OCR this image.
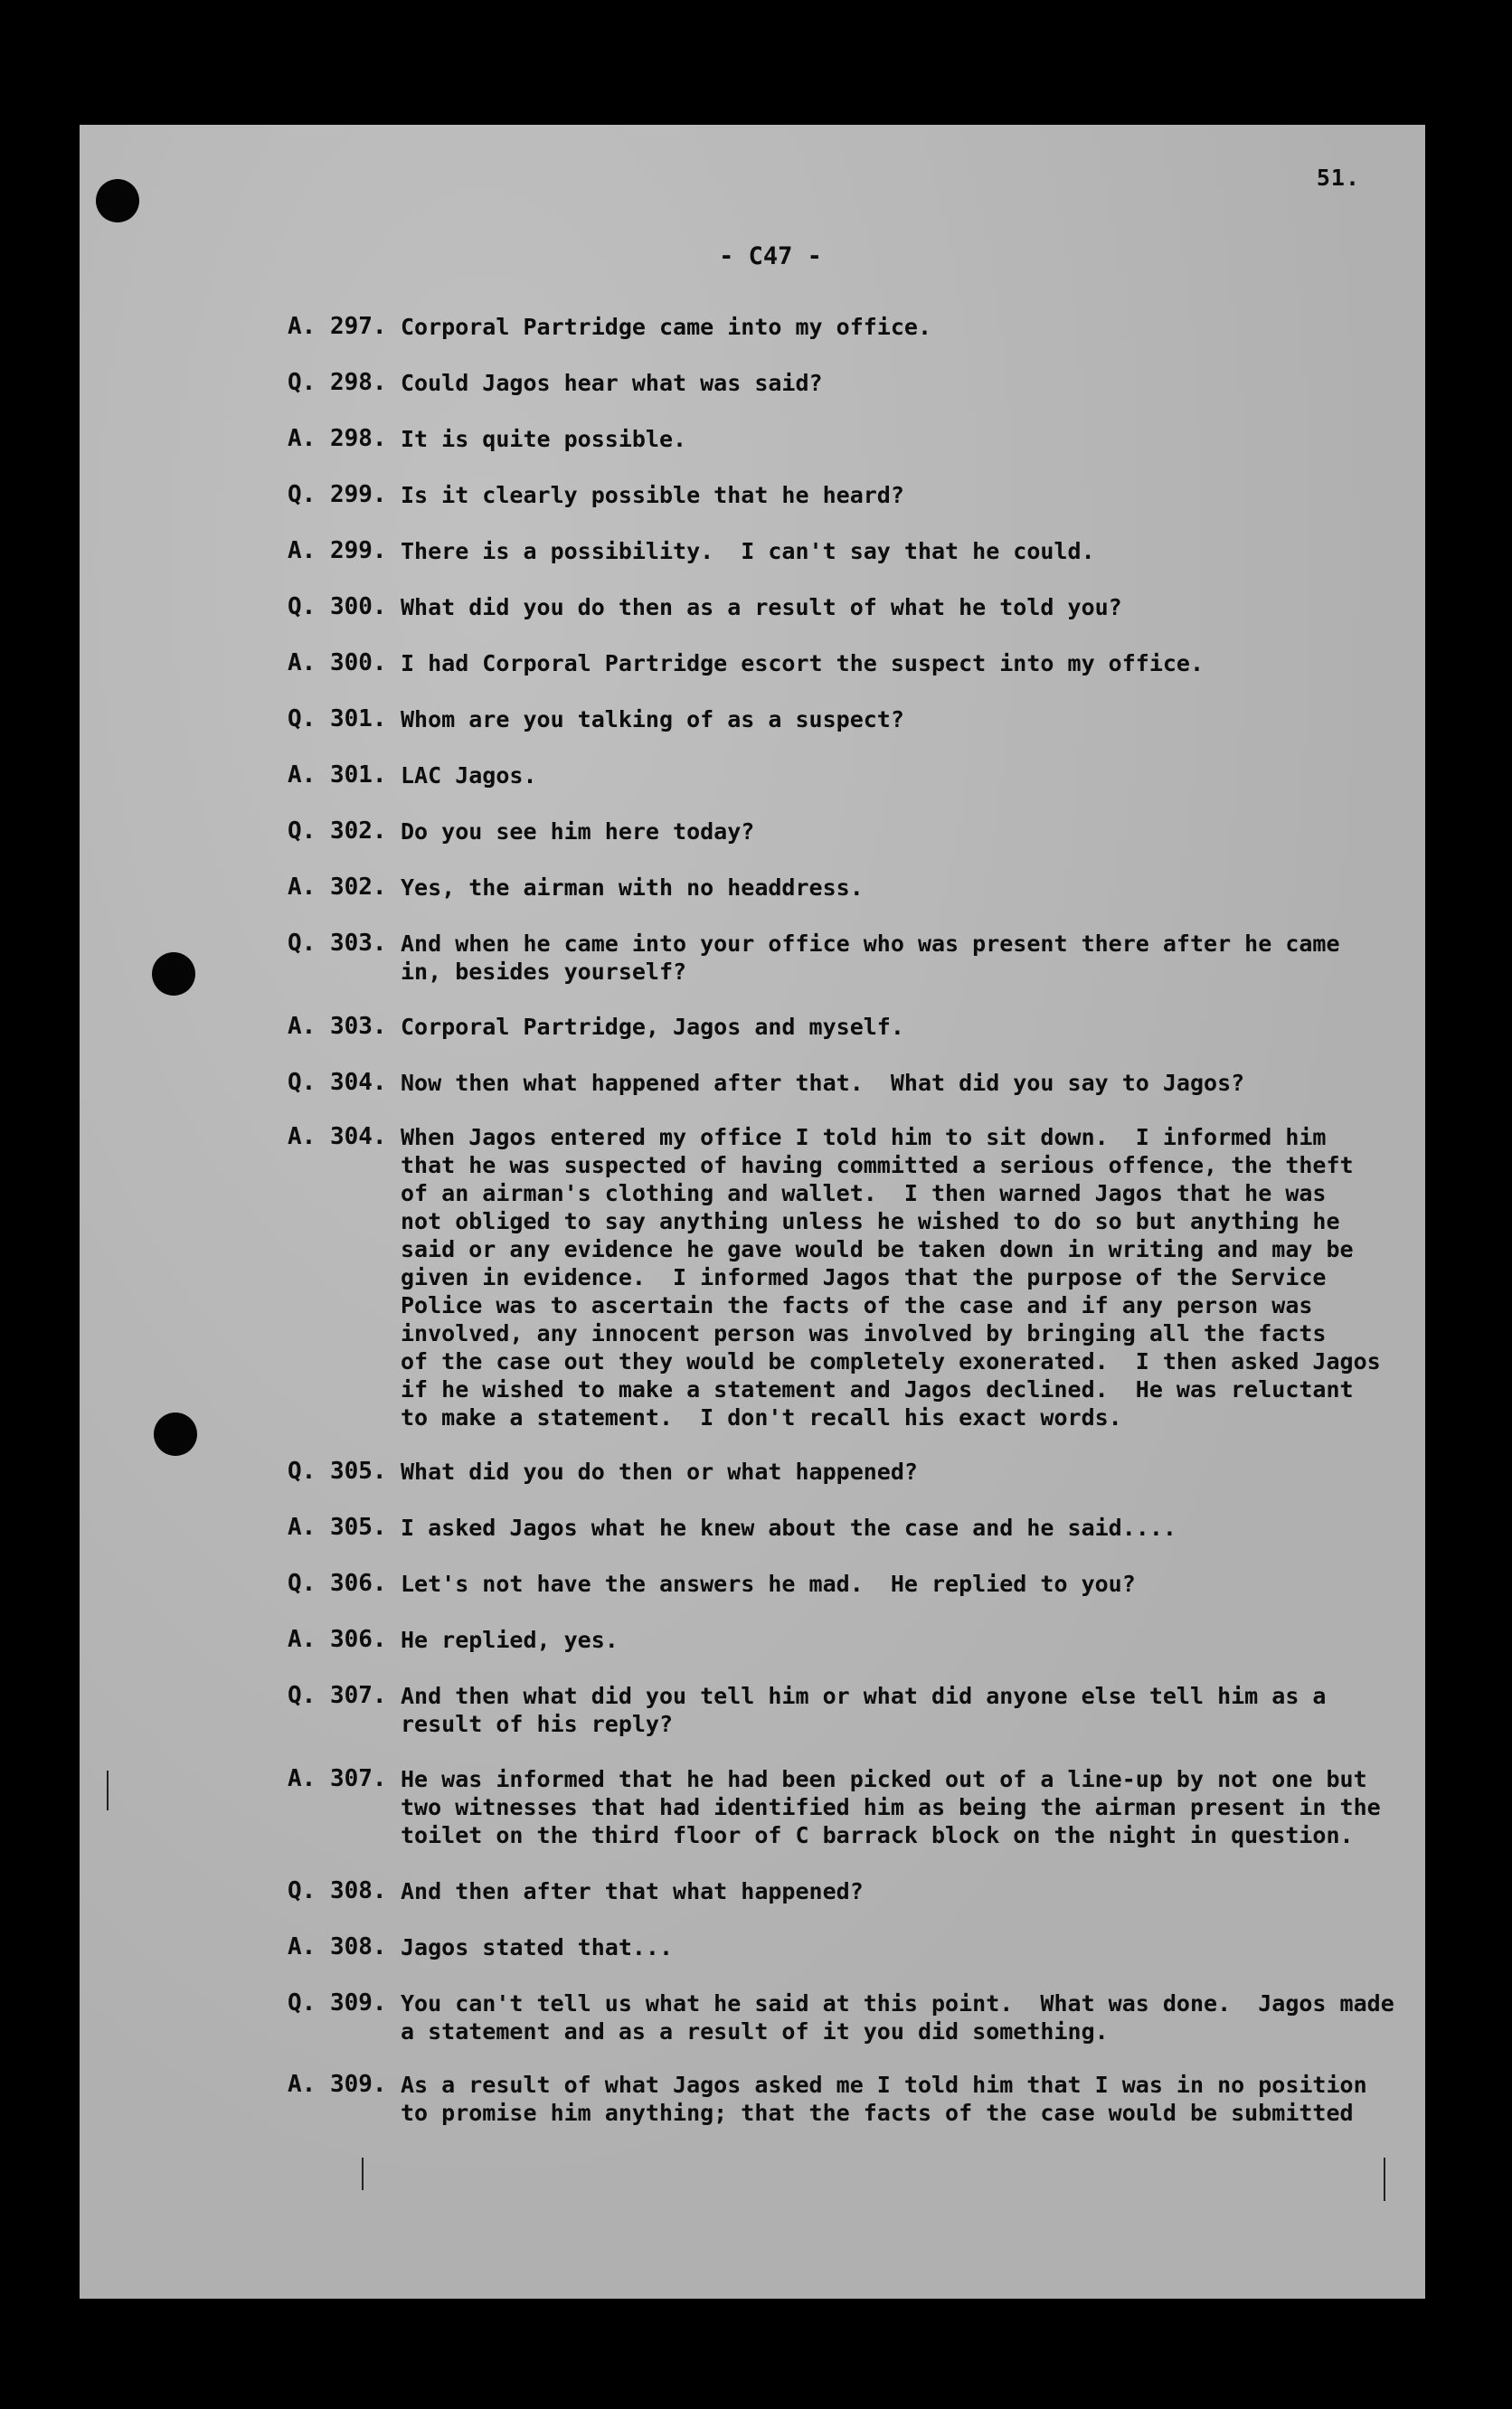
51.
- C47 -
A. 297. Corporal Partridge came into my office.
Q. 298. Could Jagos hear what was said?
A. 298. It is quite possible.
Q. 299. Is it clearly possible that he heard?
A. 299. There is a possibility.  I can't say that he could.
Q. 300. What did you do then as a result of what he told you?
A. 300. I had Corporal Partridge escort the suspect into my office.
Q. 301. Whom are you talking of as a suspect?
A. 301. LAC Jagos.
Q. 302. Do you see him here today?
A. 302. Yes, the airman with no headdress.
Q. 303. And when he came into your office who was present there after he came
in, besides yourself?
A. 303. Corporal Partridge, Jagos and myself.
Q. 304. Now then what happened after that.  What did you say to Jagos?
A. 304. When Jagos entered my office I told him to sit down.  I informed him
that he was suspected of having committed a serious offence, the theft
of an airman's clothing and wallet.  I then warned Jagos that he was
not obliged to say anything unless he wished to do so but anything he
said or any evidence he gave would be taken down in writing and may be
given in evidence.  I informed Jagos that the purpose of the Service
Police was to ascertain the facts of the case and if any person was
involved, any innocent person was involved by bringing all the facts
of the case out they would be completely exonerated.  I then asked Jagos
if he wished to make a statement and Jagos declined.  He was reluctant
to make a statement.  I don't recall his exact words.
Q. 305. What did you do then or what happened?
A. 305. I asked Jagos what he knew about the case and he said....
Q. 306. Let's not have the answers he mad.  He replied to you?
A. 306. He replied, yes.
Q. 307. And then what did you tell him or what did anyone else tell him as a
result of his reply?
A. 307. He was informed that he had been picked out of a line-up by not one but
two witnesses that had identified him as being the airman present in the
toilet on the third floor of C barrack block on the night in question.
Q. 308. And then after that what happened?
A. 308. Jagos stated that...
Q. 309. You can't tell us what he said at this point.  What was done.  Jagos made
a statement and as a result of it you did something.
A. 309. As a result of what Jagos asked me I told him that I was in no position
to promise him anything; that the facts of the case would be submitted
